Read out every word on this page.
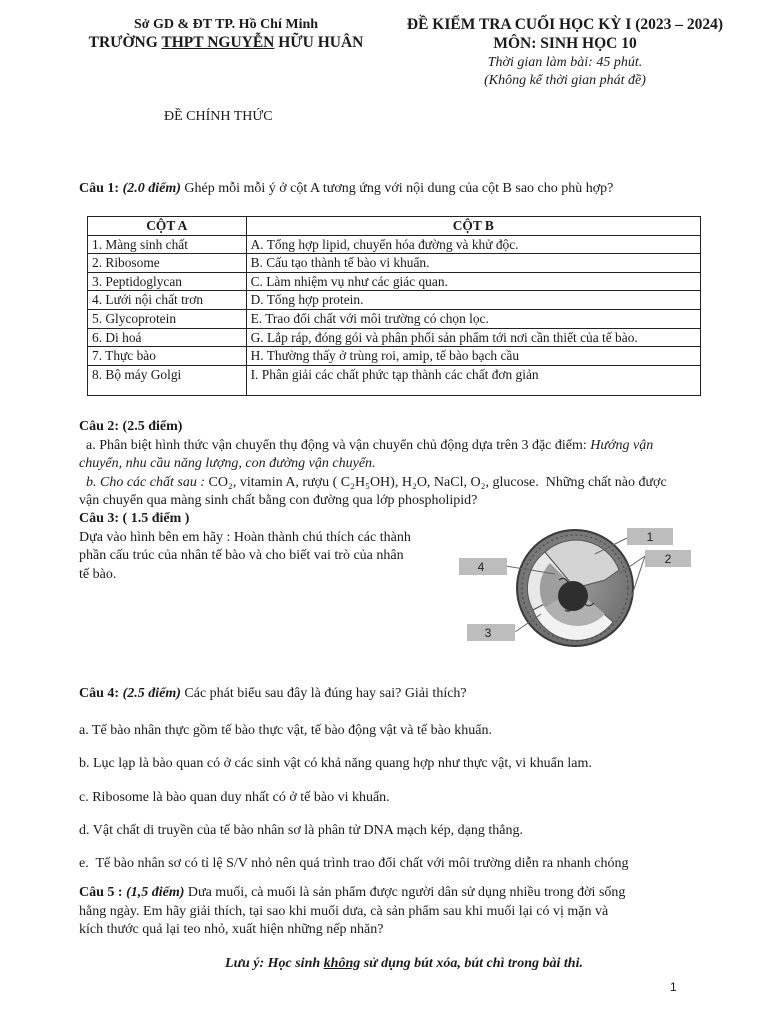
Sở GD & ĐT TP. Hồ Chí Minh
TRƯỜNG THPT NGUYỄN HỮU HUÂN
ĐỀ KIỂM TRA CUỐI HỌC KỲ I (2023 – 2024)
MÔN: SINH HỌC 10
Thời gian làm bài: 45 phút.
(Không kể thời gian phát đề)
ĐỀ CHÍNH THỨC
Câu 1: (2.0 điểm) Ghép mỗi mỗi ý ở cột A tương ứng với nội dung của cột B sao cho phù hợp?
CỘT A	CỘT B
1. Màng sinh chất	A. Tổng hợp lipid, chuyển hóa đường và khử độc.
2. Ribosome	B. Cấu tạo thành tế bào vi khuẩn.
3. Peptidoglycan	C. Làm nhiệm vụ như các giác quan.
4. Lưới nội chất trơn	D. Tổng hợp protein.
5. Glycoprotein	E. Trao đổi chất với môi trường có chọn lọc.
6. Di hoá	G. Lắp ráp, đóng gói và phân phối sản phẩm tới nơi cần thiết của tế bào.
7. Thực bào	H. Thường thấy ở trùng roi, amip, tế bào bạch cầu
8. Bộ máy Golgi	I. Phân giải các chất phức tạp thành các chất đơn giản
Câu 2: (2.5 điểm)
a. Phân biệt hình thức vận chuyển thụ động và vận chuyển chủ động dựa trên 3 đặc điểm: Hướng vận
chuyển, nhu cầu năng lượng, con đường vận chuyển.
b. Cho các chất sau : CO₂, vitamin A, rượu ( C₂H₅OH), H₂O, NaCl, O₂, glucose.  Những chất nào được
vận chuyển qua màng sinh chất bằng con đường qua lớp phospholipid?
Câu 3: ( 1.5 điểm )
Dựa vào hình bên em hãy : Hoàn thành chú thích các thành
phần cấu trúc của nhân tế bào và cho biết vai trò của nhân
tế bào.
1
2
3
4
Câu 4: (2.5 điểm) Các phát biểu sau đây là đúng hay sai? Giải thích?
a. Tế bào nhân thực gồm tế bào thực vật, tế bào động vật và tế bào khuẩn.
b. Lục lạp là bào quan có ở các sinh vật có khả năng quang hợp như thực vật, vi khuẩn lam.
c. Ribosome là bào quan duy nhất có ở tế bào vi khuẩn.
d. Vật chất di truyền của tế bào nhân sơ là phân tử DNA mạch kép, dạng thẳng.
e.  Tế bào nhân sơ có tỉ lệ S/V nhỏ nên quá trình trao đổi chất với môi trường diễn ra nhanh chóng
Câu 5 : (1,5 điểm) Dưa muối, cà muối là sản phẩm được người dân sử dụng nhiều trong đời sống
hằng ngày. Em hãy giải thích, tại sao khi muối dưa, cà sản phẩm sau khi muối lại có vị mặn và
kích thước quả lại teo nhỏ, xuất hiện những nếp nhăn?
Lưu ý: Học sinh không sử dụng bút xóa, bút chì trong bài thi.
1
